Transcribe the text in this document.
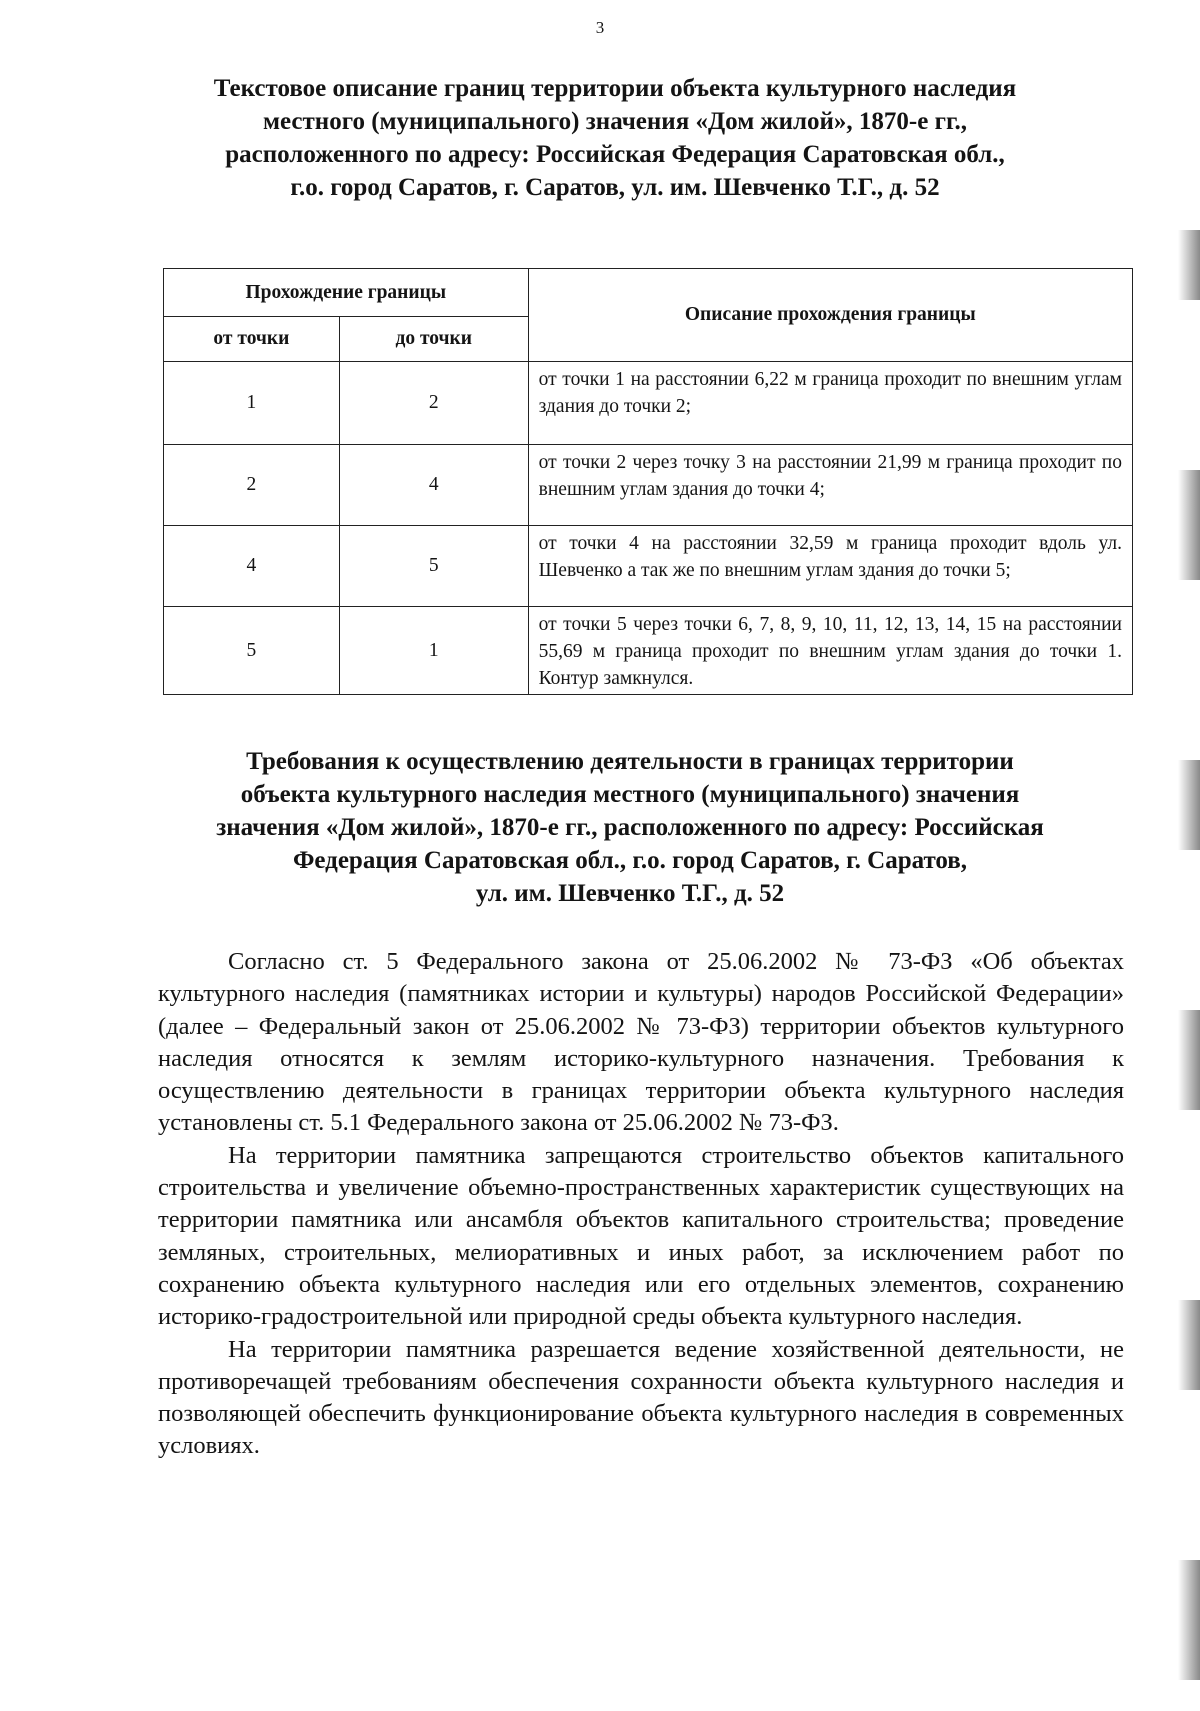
3
Текстовое описание границ территории объекта культурного наследия
местного (муниципального) значения «Дом жилой», 1870-е гг.,
расположенного по адресу: Российская Федерация Саратовская обл.,
г.о. город Саратов, г. Саратов, ул. им. Шевченко Т.Г., д. 52
Прохождение границы		Описание прохождения границы
от точки	до точки	
1	2	от точки 1 на расстоянии 6,22 м граница проходит по внешним углам здания до точки 2;
2	4	от точки 2 через точку 3 на расстоянии 21,99 м граница проходит по внешним углам здания до точки 4;
4	5	от точки 4 на расстоянии 32,59 м граница проходит вдоль ул. Шевченко а так же по внешним углам здания до точки 5;
5	1	от точки 5 через точки 6, 7, 8, 9, 10, 11, 12, 13, 14, 15 на расстоянии 55,69 м граница проходит по внешним углам здания до точки 1. Контур замкнулся.
Требования к осуществлению деятельности в границах территории
объекта культурного наследия местного (муниципального) значения
значения «Дом жилой», 1870-е гг., расположенного по адресу: Российская
Федерация Саратовская обл., г.о. город Саратов, г. Саратов,
ул. им. Шевченко Т.Г., д. 52

Согласно ст. 5 Федерального закона от 25.06.2002 № 73-ФЗ «Об объектах культурного наследия (памятниках истории и культуры) народов Российской Федерации» (далее – Федеральный закон от 25.06.2002 № 73-ФЗ) территории объектов культурного наследия относятся к землям историко-культурного назначения. Требования к осуществлению деятельности в границах территории объекта культурного наследия установлены ст. 5.1 Федерального закона от 25.06.2002 № 73-ФЗ.

На территории памятника запрещаются строительство объектов капитального строительства и увеличение объемно-пространственных характеристик существующих на территории памятника или ансамбля объектов капитального строительства; проведение земляных, строительных, мелиоративных и иных работ, за исключением работ по сохранению объекта культурного наследия или его отдельных элементов, сохранению историко-градостроительной или природной среды объекта культурного наследия.

На территории памятника разрешается ведение хозяйственной деятельности, не противоречащей требованиям обеспечения сохранности объекта культурного наследия и позволяющей обеспечить функционирование объекта культурного наследия в современных условиях.
